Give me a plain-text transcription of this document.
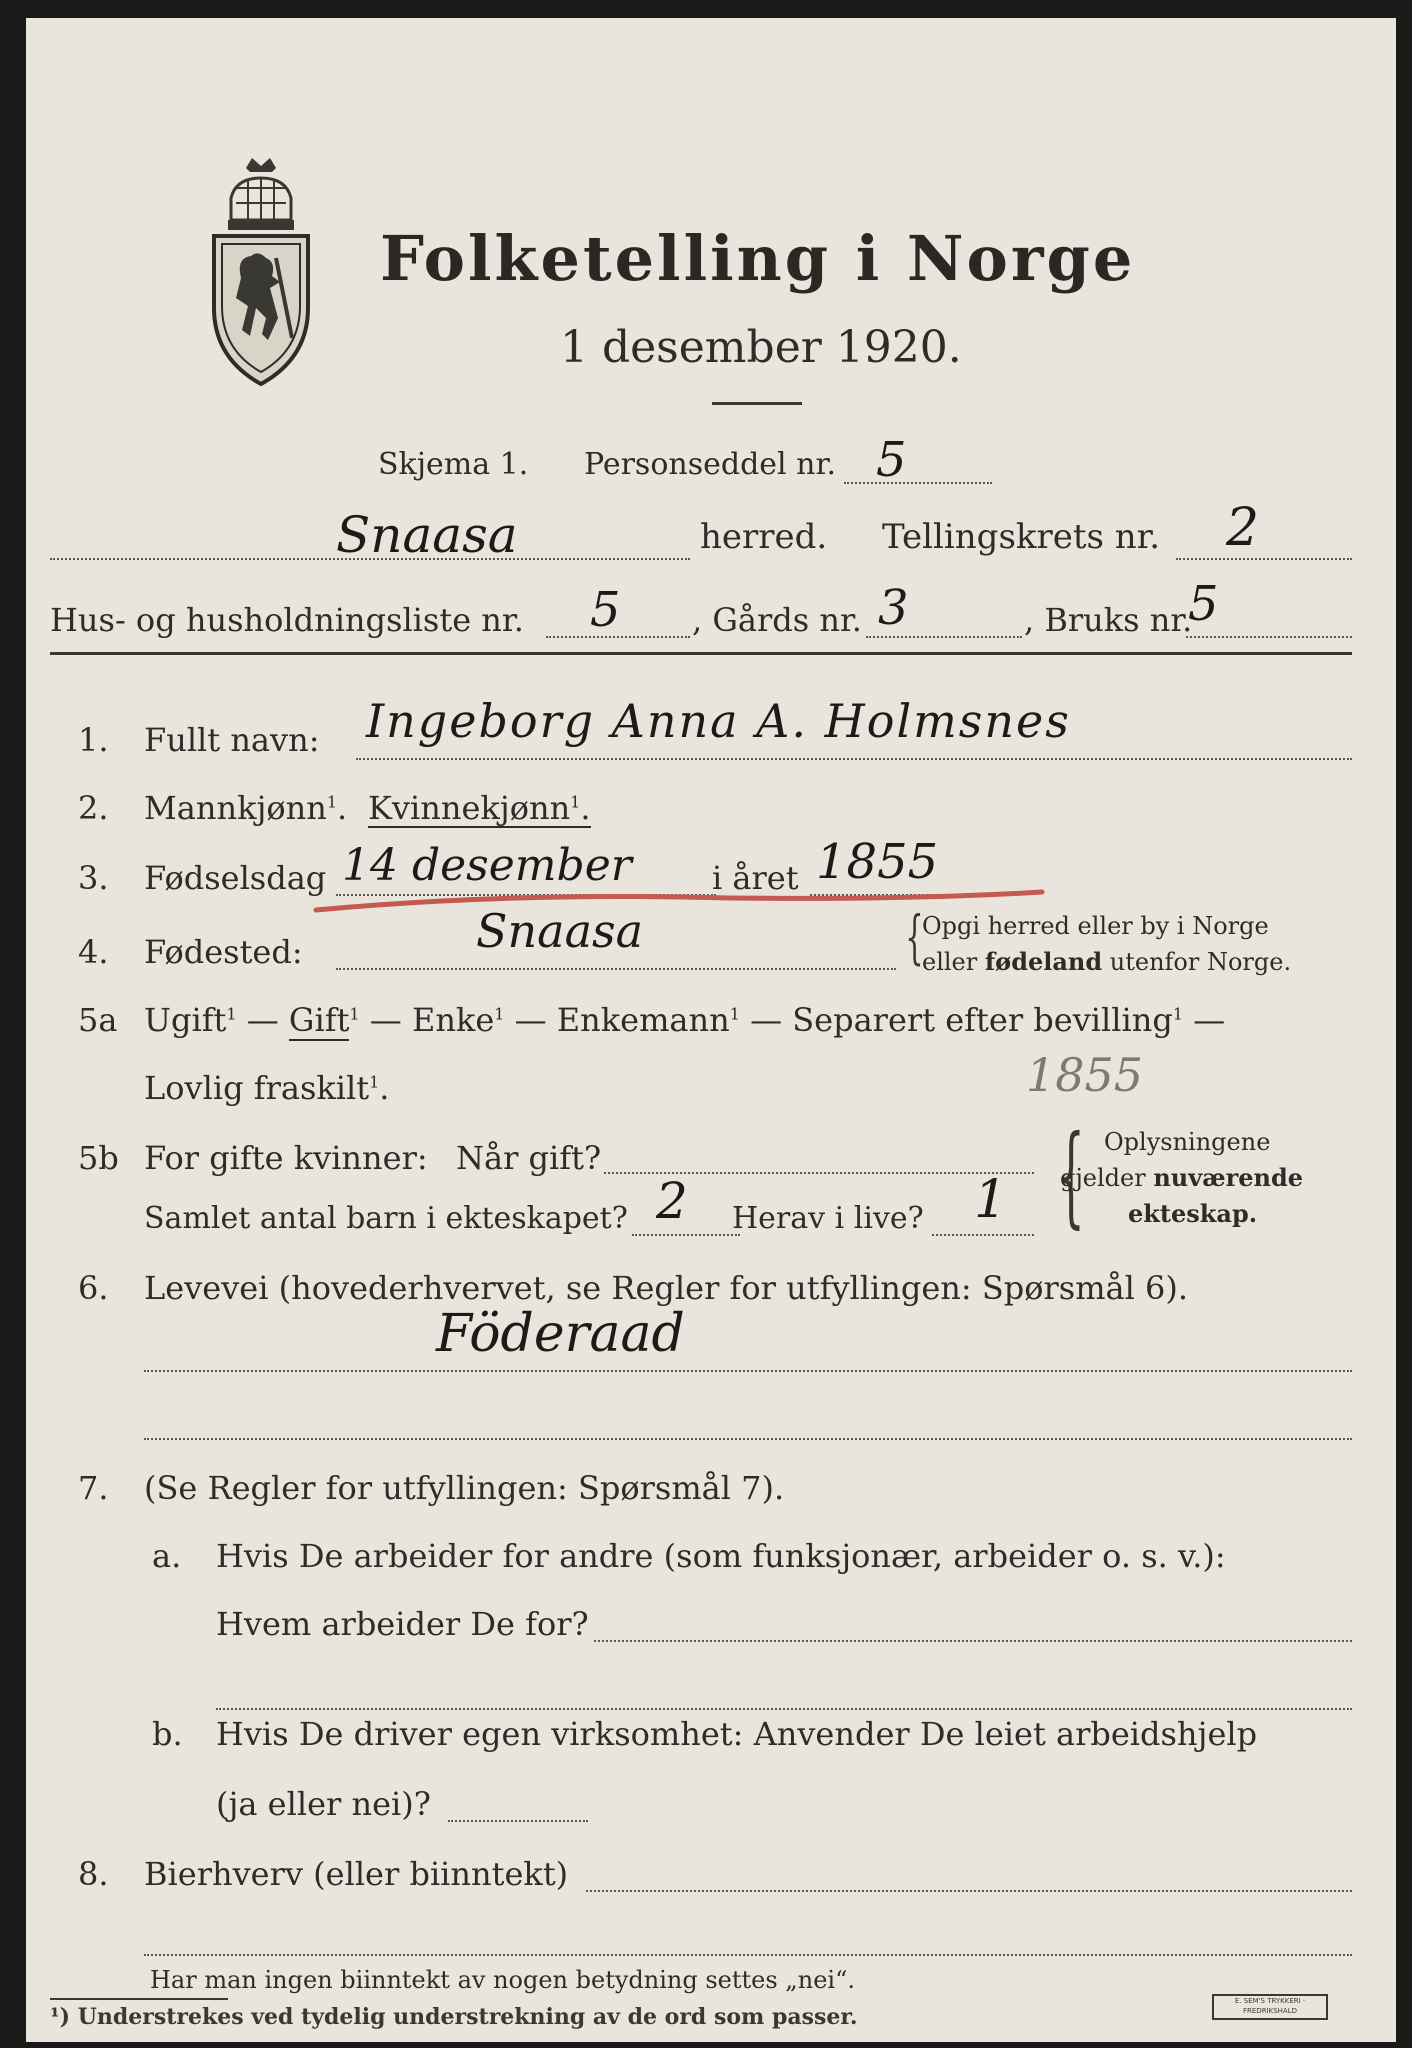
Folketelling i Norge
1 desember 1920.
Skjema 1. Personseddel nr. 5
Snaasa	herred. Tellingskrets nr. 2
Hus- og husholdningsliste nr. 5 , Gårds nr. 3	, Bruks nr.
5
1. Fullt navn: Ingeborg Anna A. Holmsnes
2. Mannkjønn$^1$. Kvinnekjønn$^1$.
3. Fødselsdag 14 desember	i året 1855
4. Fødested:	Snaasa	{
Opgi herred eller by i Norge
eller fødeland utenfor Norge.
5a Ugift$^1$ — Gift$^1$ — Enke$^1$ — Enkemann$^1$ — Separert efter bevilling$^1$ —
Lovlig fraskilt$^1$.	1855
5b For gifte kvinner: Når gift?
Samlet antal barn i ekteskapet? 2 Herav i live? 1 { Oplysningene
gjelder nuværende
ekteskap.
6. Levevei (hovederhvervet, se Regler for utfyllingen: Spørsmål 6).
Föderaad
7. (Se Regler for utfyllingen: Spørsmål 7).
a. Hvis De arbeider for andre (som funksjonær, arbeider o. s. v.):
Hvem arbeider De for?
b. Hvis De driver egen virksomhet: Anvender De leiet arbeidshjelp
(ja eller nei)?
8. Bierhverv (eller biinntekt)
Har man ingen biinntekt av nogen betydning settes „nei“.
¹) Understrekes ved tydelig understrekning av de ord som passer.
E. SEM'S TRYKKERI · FREDRIKSHALD
